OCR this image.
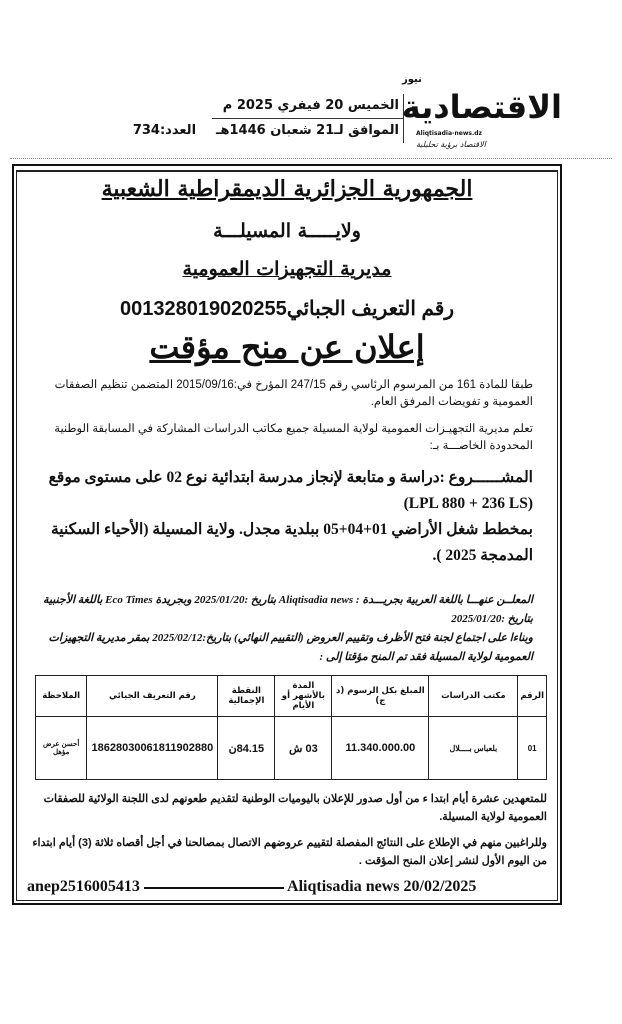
نيوز
الاقتصادية
Aliqtisadia-news.dz
الاقتصاد برؤية تحليلية
الخميس 20 فيفري 2025 م
الموافق لـ21 شعبان 1446هـ
العدد:734
الجمهورية الجزائرية الديمقراطية الشعبية
ولايـــــة المسيلـــة
مديرية التجهيزات العمومية
رقم التعريف الجبائي001328019020255
إعلان عن منح مؤقت
طبقا للمادة 161 من المرسوم الرئاسي رقم 247/15 المؤرخ في:2015/09/16 المتضمن تنظيم الصفقات العمومية و تفويضات المرفق العام.
تعلم مديرية التجهيـزات العمومية لولاية المسيلة جميع مكاتب الدراسات المشاركة في المسابقة الوطنية المحدودة الخاصـــة بـ:
المشــــــروع :دراسة و متابعة لإنجاز مدرسة ابتدائية نوع 02 على مستوى موقع (LPL 880 + 236 LS)
بمخطط شغل الأراضي 01+04+05 ببلدية مجدل. ولاية المسيلة (الأحياء السكنية المدمجة 2025 ).
المعلــن عنهـــا باللغة العربية بجريـــدة : Aliqtisadia news بتاريخ :2025/01/20 وبجريدة Eco Times باللغة الأجنبية
بتاريخ :2025/01/20
وبناءا على اجتماع لجنة فتح الأظرف وتقييم العروض (التقييم النهائي) بتاريخ:2025/02/12 بمقر مديرية التجهيزات العمومية لولاية المسيلة فقد تم المنح مؤقتا إلى :
الرقم	مكتب الدراسات	المبلغ بكل الرسوم (د ج)	المدة بالأشهر أو الأيام	النقطة الإجمالية	رقم التعريف الجبائي	الملاحظة
01	بلعباس بــــلال	11.340.000.00	03 ش	84.15ن	186280300618119028​80	أحسن عرض مؤهل
للمتعهدين عشرة أيام ابتدا ء من أول صدور للإعلان باليوميات الوطنية لتقديم طعونهم لدى اللجنة الولائية للصفقات العمومية لولاية المسيلة.
وللراغبين منهم في الإطلاع على النتائج المفصلة لتقييم عروضهم الاتصال بمصالحنا في أجل أقصاه ثلاثة (3) أيام ابتداء من اليوم الأول لنشر إعلان المنح المؤقت .
anep2516005413	Aliqtisadia news 20/02/2025
